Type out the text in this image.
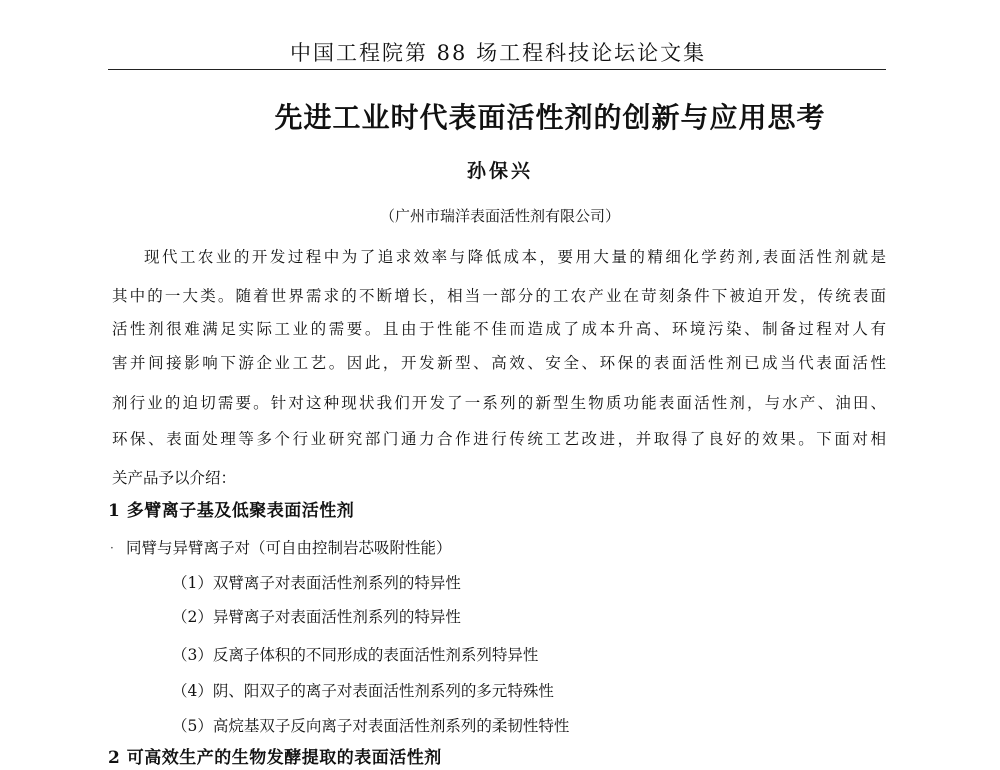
中国工程院第 88 场工程科技论坛论文集
先进工业时代表面活性剂的创新与应用思考
孙保兴
（广州市瑞洋表面活性剂有限公司）
现代工农业的开发过程中为了追求效率与降低成本，要用大量的精细化学药剂,表面活性剂就是
其中的一大类。随着世界需求的不断增长，相当一部分的工农产业在苛刻条件下被迫开发，传统表面
活性剂很难满足实际工业的需要。且由于性能不佳而造成了成本升高、环境污染、制备过程对人有
害并间接影响下游企业工艺。因此，开发新型、高效、安全、环保的表面活性剂已成当代表面活性
剂行业的迫切需要。针对这种现状我们开发了一系列的新型生物质功能表面活性剂，与水产、油田、
环保、表面处理等多个行业研究部门通力合作进行传统工艺改进，并取得了良好的效果。下面对相
关产品予以介绍：
1 多臂离子基及低聚表面活性剂
· 同臂与异臂离子对（可自由控制岩芯吸附性能）
（1）双臂离子对表面活性剂系列的特异性
（2）异臂离子对表面活性剂系列的特异性
（3）反离子体积的不同形成的表面活性剂系列特异性
（4）阴、阳双子的离子对表面活性剂系列的多元特殊性
（5）高烷基双子反向离子对表面活性剂系列的柔韧性特性
2 可高效生产的生物发酵提取的表面活性剂
